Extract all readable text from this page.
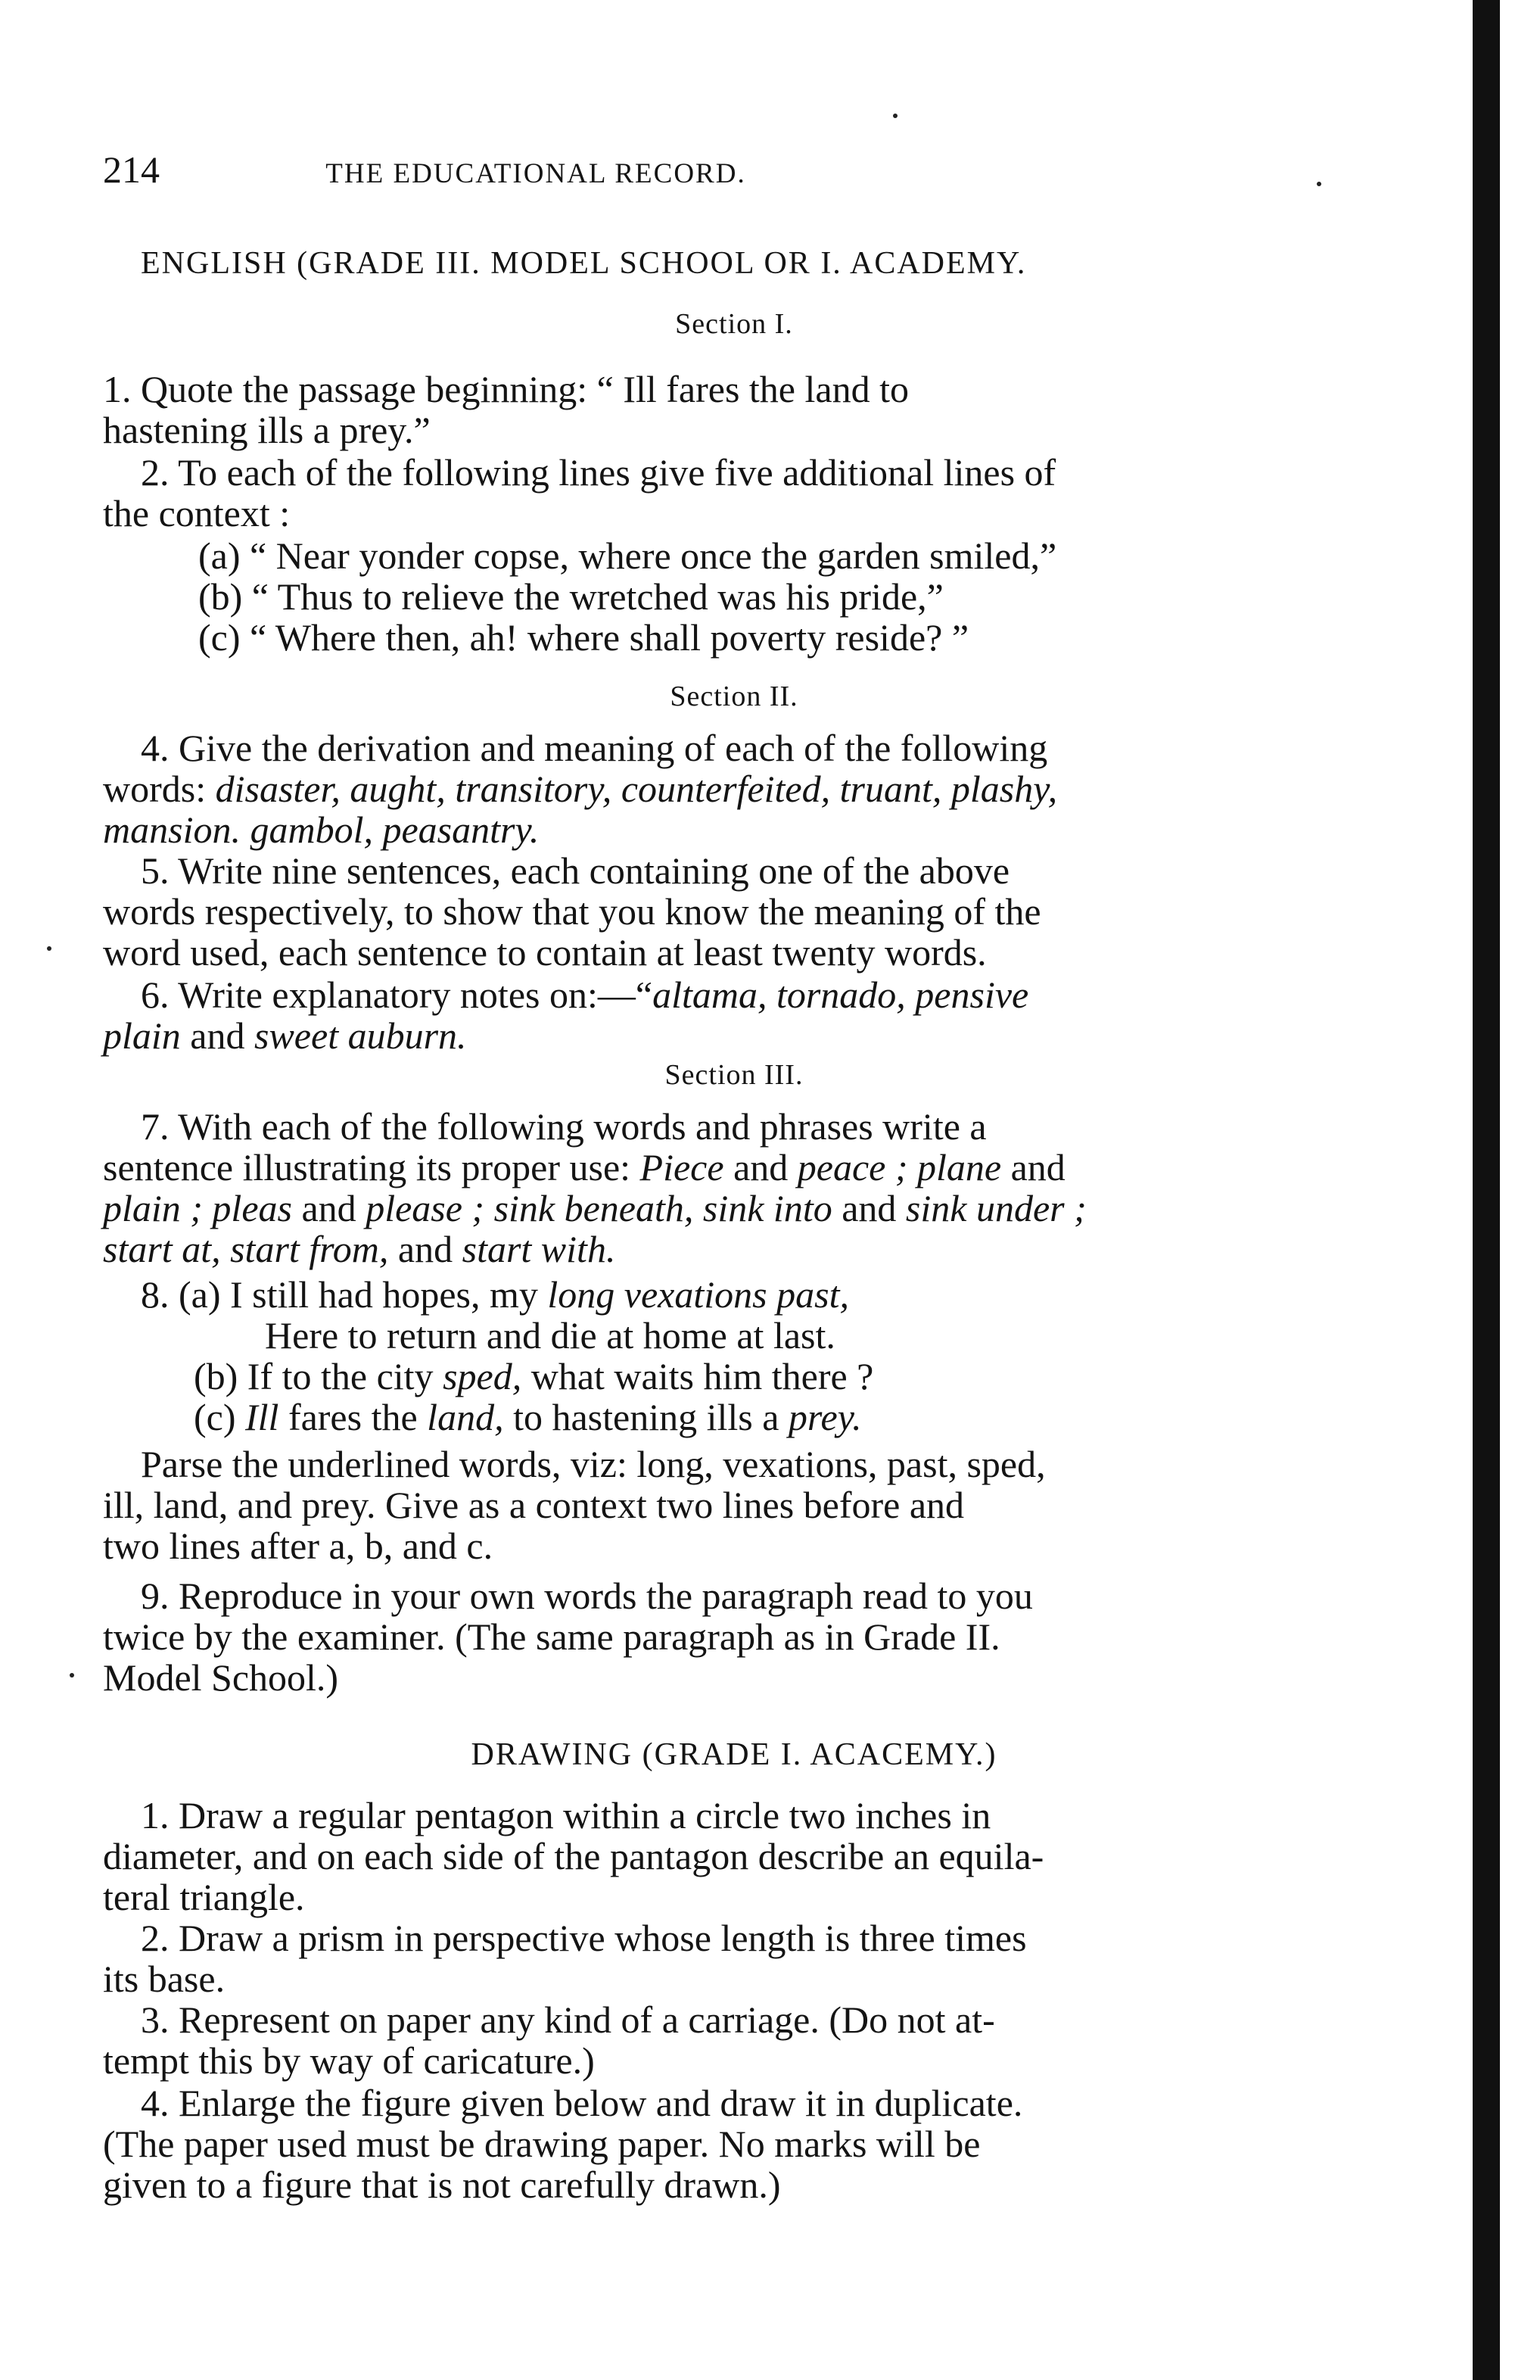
214	THE EDUCATIONAL RECORD.
ENGLISH (GRADE III. MODEL SCHOOL OR I. ACADEMY.
Section I.
1. Quote the passage beginning: “ Ill fares the land to
hastening ills a prey.”
2. To each of the following lines give five additional lines of
the context :
(a) “ Near yonder copse, where once the garden smiled,”
(b) “ Thus to relieve the wretched was his pride,”
(c) “ Where then, ah! where shall poverty reside? ”
Section II.
4. Give the derivation and meaning of each of the following
words: disaster, aught, transitory, counterfeited, truant, plashy,
mansion. gambol, peasantry.
5. Write nine sentences, each containing one of the above
words respectively, to show that you know the meaning of the
word used, each sentence to contain at least twenty words.
6. Write explanatory notes on:—“altama, tornado, pensive
plain and sweet auburn.
Section III.
7. With each of the following words and phrases write a
sentence illustrating its proper use: Piece and peace ; plane and
plain ; pleas and please ; sink beneath, sink into and sink under ;
start at, start from, and start with.
8. (a) I still had hopes, my long vexations past,
Here to return and die at home at last.
(b) If to the city sped, what waits him there ?
(c) Ill fares the land, to hastening ills a prey.
Parse the underlined words, viz: long, vexations, past, sped,
ill, land, and prey. Give as a context two lines before and
two lines after a, b, and c.
9. Reproduce in your own words the paragraph read to you
twice by the examiner. (The same paragraph as in Grade II.
Model School.)
DRAWING (GRADE I. ACACEMY.)
1. Draw a regular pentagon within a circle two inches in
diameter, and on each side of the pantagon describe an equila-
teral triangle.
2. Draw a prism in perspective whose length is three times
its base.
3. Represent on paper any kind of a carriage. (Do not at-
tempt this by way of caricature.)
4. Enlarge the figure given below and draw it in duplicate.
(The paper used must be drawing paper. No marks will be
given to a figure that is not carefully drawn.)
